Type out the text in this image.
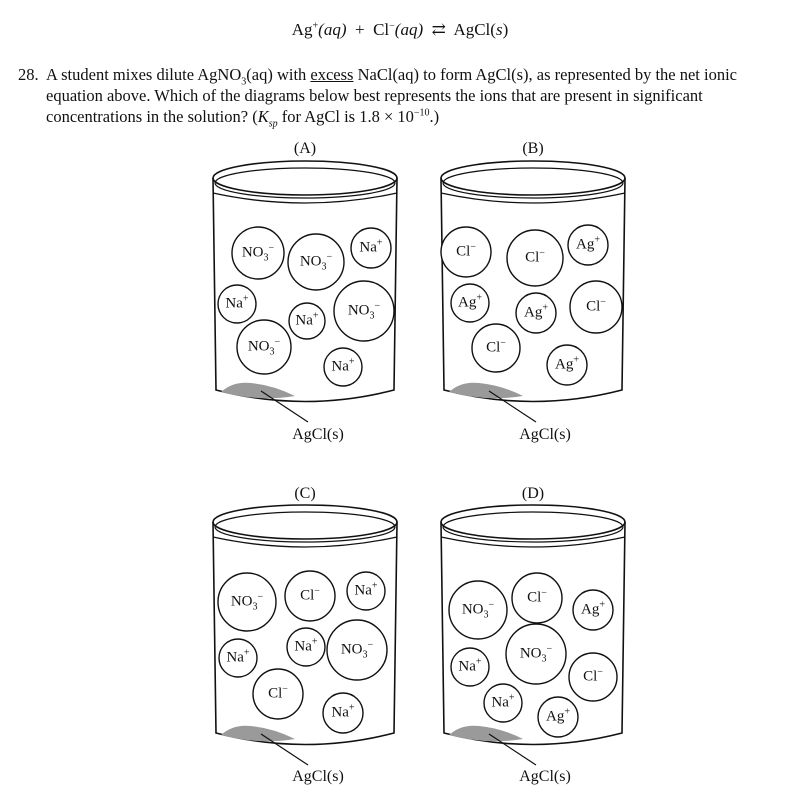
Ag+(aq) + Cl−(aq) ⇄ AgCl(s)
28. A student mixes dilute AgNO$_3$(aq) with excess NaCl(aq) to form AgCl(s), as represented by the net ionic equation above. Which of the diagrams below best represents the ions that are present in significant concentrations in the solution? ($K_{sp}$ for AgCl is $1.8 \times 10^{-10}$.)
$NO_3^-$
$NO_3^-$
Na+
Na+
Na+ $NO_3^-$
$NO_3^-$
Na+
(A)
AgCl(s)
Cl−
Cl−
Ag+
Ag+
Ag+	Cl−
Cl−
Ag+
(B)
AgCl(s)
$NO_3^-$ Cl− Na+
Na+	Na+ $NO_3^-$
Cl−
Na+
(C)
AgCl(s)
$NO_3^-$ Cl−
Ag+
Na+
$NO_3^-$
Cl−
Na+
Ag+
(D)
AgCl(s)
